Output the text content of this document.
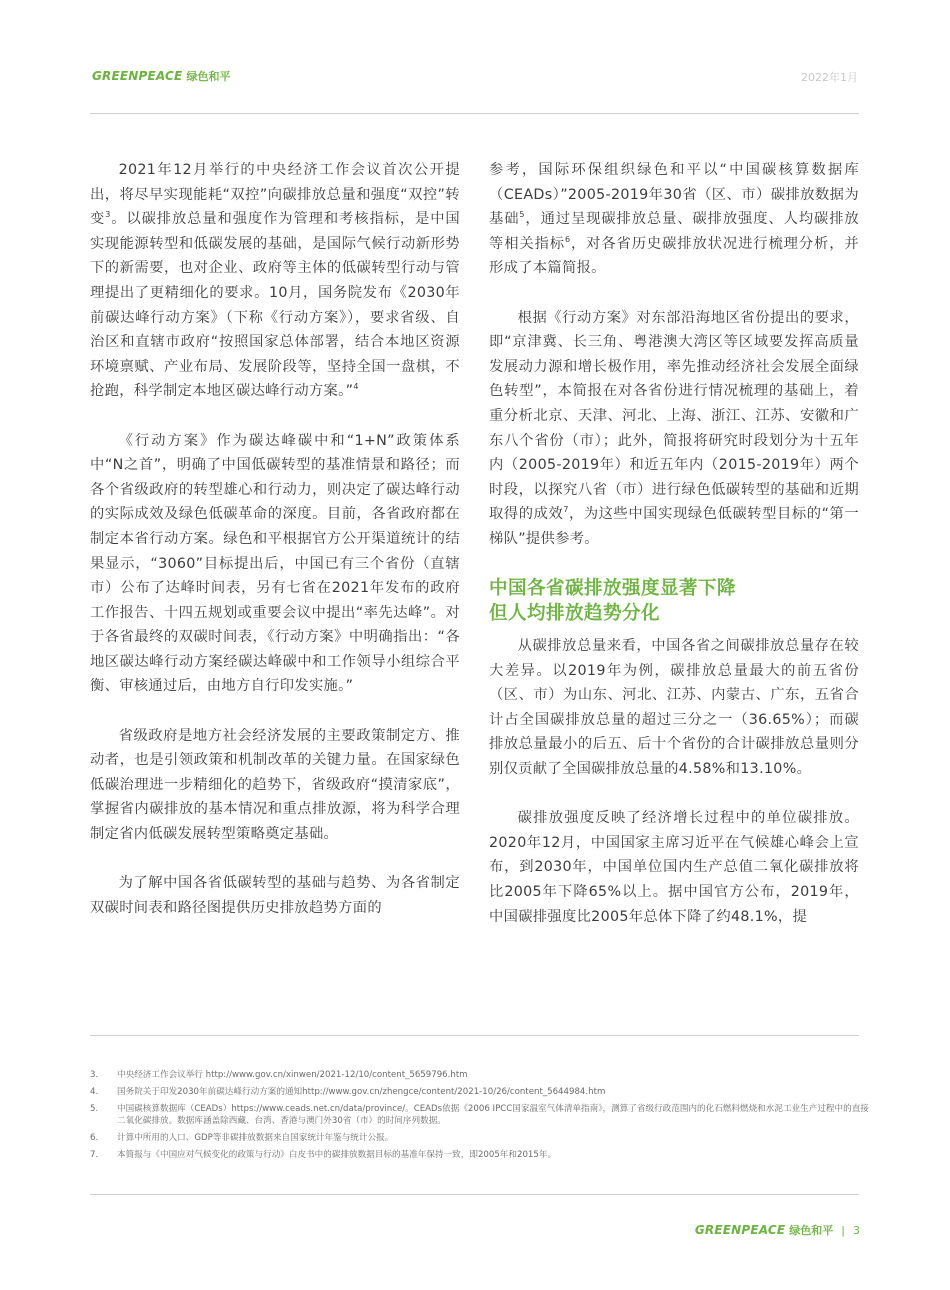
GREENPEACE 绿色和平	2022年1月

2021年12月举行的中央经济工作会议首次公开提出，将尽早实现能耗“双控”向碳排放总量和强度“双控”转变$^3$。以碳排放总量和强度作为管理和考核指标，是中国实现能源转型和低碳发展的基础，是国际气候行动新形势下的新需要，也对企业、政府等主体的低碳转型行动与管理提出了更精细化的要求。10月，国务院发布《2030年前碳达峰行动方案》（下称《行动方案》），要求省级、自治区和直辖市政府“按照国家总体部署，结合本地区资源环境禀赋、产业布局、发展阶段等，坚持全国一盘棋，不抢跑，科学制定本地区碳达峰行动方案。”$^4$

《行动方案》作为碳达峰碳中和“1+N”政策体系中“N之首”，明确了中国低碳转型的基准情景和路径；而各个省级政府的转型雄心和行动力，则决定了碳达峰行动的实际成效及绿色低碳革命的深度。目前，各省政府都在制定本省行动方案。绿色和平根据官方公开渠道统计的结果显示，“3060”目标提出后，中国已有三个省份（直辖市）公布了达峰时间表，另有七省在2021年发布的政府工作报告、十四五规划或重要会议中提出“率先达峰”。对于各省最终的双碳时间表，《行动方案》中明确指出：“各地区碳达峰行动方案经碳达峰碳中和工作领导小组综合平衡、审核通过后，由地方自行印发实施。”

省级政府是地方社会经济发展的主要政策制定方、推动者，也是引领政策和机制改革的关键力量。在国家绿色低碳治理进一步精细化的趋势下，省级政府“摸清家底”，掌握省内碳排放的基本情况和重点排放源，将为科学合理制定省内低碳发展转型策略奠定基础。

为了解中国各省低碳转型的基础与趋势、为各省制定双碳时间表和路径图提供历史排放趋势方面的

参考，国际环保组织绿色和平以“中国碳核算数据库（CEADs）”2005-2019年30省（区、市）碳排放数据为基础$^5$，通过呈现碳排放总量、碳排放强度、人均碳排放等相关指标$^6$，对各省历史碳排放状况进行梳理分析，并形成了本篇简报。

根据《行动方案》对东部沿海地区省份提出的要求，即“京津冀、长三角、粤港澳大湾区等区域要发挥高质量发展动力源和增长极作用，率先推动经济社会发展全面绿色转型”，本简报在对各省份进行情况梳理的基础上，着重分析北京、天津、河北、上海、浙江、江苏、安徽和广东八个省份（市）；此外，简报将研究时段划分为十五年内（2005-2019年）和近五年内（2015-2019年）两个时段，以探究八省（市）进行绿色低碳转型的基础和近期取得的成效$^7$，为这些中国实现绿色低碳转型目标的“第一梯队”提供参考。

中国各省碳排放强度显著下降
但人均排放趋势分化

从碳排放总量来看，中国各省之间碳排放总量存在较大差异。以2019年为例，碳排放总量最大的前五省份（区、市）为山东、河北、江苏、内蒙古、广东，五省合计占全国碳排放总量的超过三分之一（36.65%）；而碳排放总量最小的后五、后十个省份的合计碳排放总量则分别仅贡献了全国碳排放总量的4.58%和13.10%。

碳排放强度反映了经济增长过程中的单位碳排放。2020年12月，中国国家主席习近平在气候雄心峰会上宣布，到2030年，中国单位国内生产总值二氧化碳排放将比2005年下降65%以上。据中国官方公布，2019年，中国碳排强度比2005年总体下降了约48.1%，提

3.	中央经济工作会议举行 http://www.gov.cn/xinwen/2021-12/10/content_5659796.htm
4.	国务院关于印发2030年前碳达峰行动方案的通知http://www.gov.cn/zhengce/content/2021-10/26/content_5644984.htm
5.	中国碳核算数据库（CEADs）https://www.ceads.net.cn/data/province/。CEADs依据《2006 IPCC国家温室气体清单指南》，测算了省级行政范围内的化石燃料燃烧和水泥工业生产过程中的直接二氧化碳排放。数据库涵盖除西藏、台湾、香港与澳门外30省（市）的时间序列数据。
6.	计算中所用的人口、GDP等非碳排放数据来自国家统计年鉴与统计公报。
7.	本简报与《中国应对气候变化的政策与行动》白皮书中的碳排放数据目标的基准年保持一致，即2005年和2015年。
GREENPEACE 绿色和平 | 3
